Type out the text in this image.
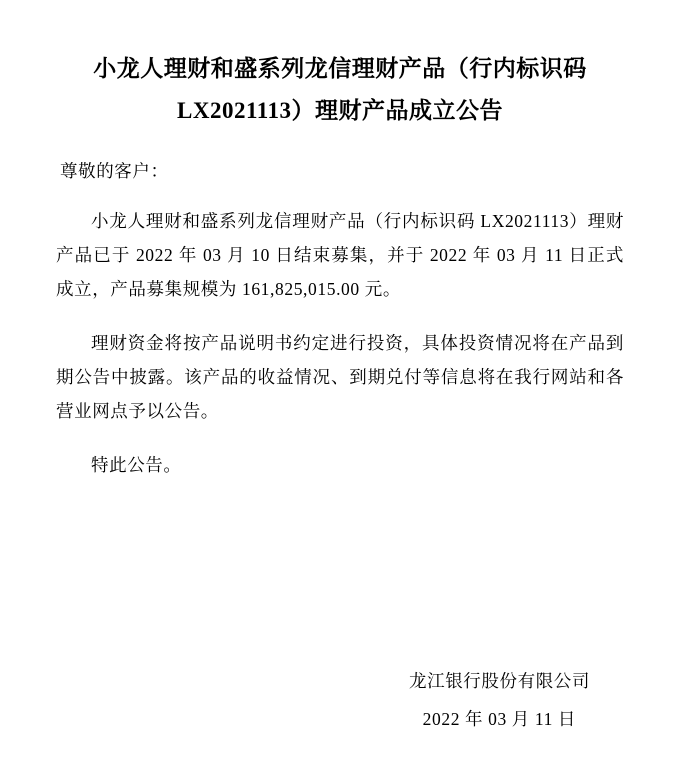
小龙人理财和盛系列龙信理财产品（行内标识码 LX2021113）理财产品成立公告

尊敬的客户：

小龙人理财和盛系列龙信理财产品（行内标识码 LX2021113）理财产品已于 2022 年 03 月 10 日结束募集，并于 2022 年 03 月 11 日正式成立，产品募集规模为 161,825,015.00 元。

理财资金将按产品说明书约定进行投资，具体投资情况将在产品到期公告中披露。该产品的收益情况、到期兑付等信息将在我行网站和各营业网点予以公告。

特此公告。

龙江银行股份有限公司
2022 年 03 月 11 日
